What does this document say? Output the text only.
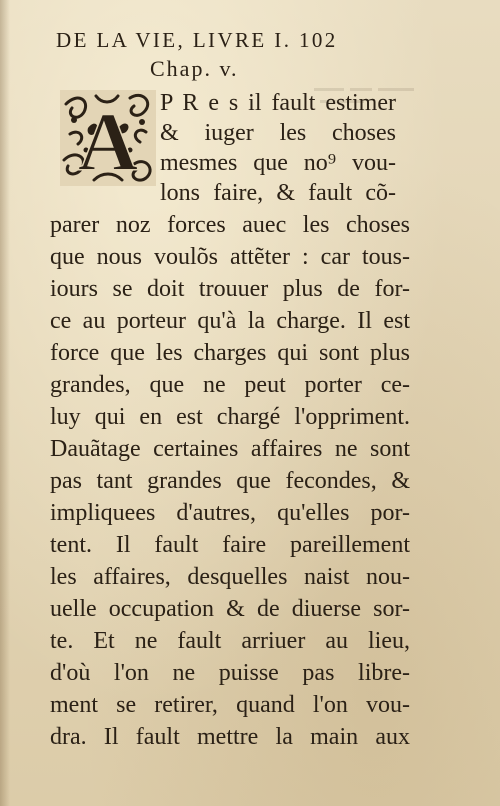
DE LA VIE, LIVRE I. 102
Chap. v.
A P R e s il fault estimer
& iuger les choses
mesmes que no⁹ vou-
lons faire, & fault cõ-
parer noz forces auec les choses
que nous voulõs attẽter : car tous-
iours se doit trouuer plus de for-
ce au porteur qu'à la charge. Il est
force que les charges qui sont plus
grandes, que ne peut porter ce-
luy qui en est chargé l'oppriment.
Dauãtage certaines affaires ne sont
pas tant grandes que fecondes, &
impliquees d'autres, qu'elles por-
tent. Il fault faire pareillement
les affaires, desquelles naist nou-
uelle occupation & de diuerse sor-
te. Et ne fault arriuer au lieu,
d'où l'on ne puisse pas libre-
ment se retirer, quand l'on vou-
dra. Il fault mettre la main aux
